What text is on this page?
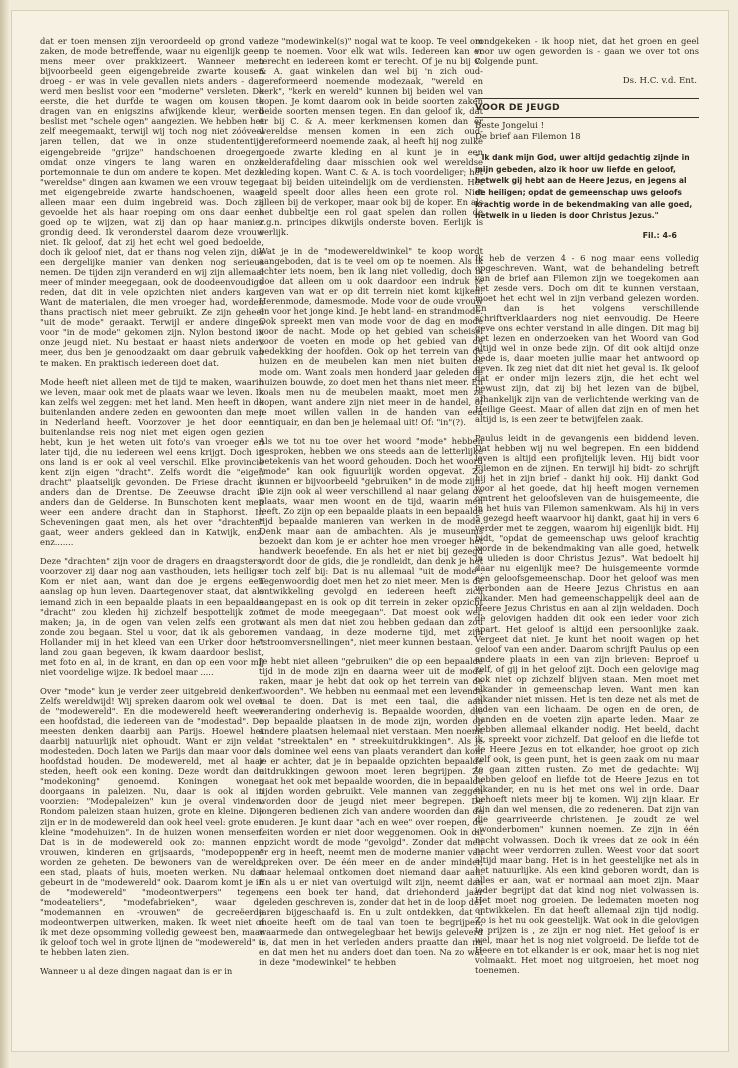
dat er toen mensen zijn veroordeeld op grond van zaken, de mode betreffende, waar nu eigenlijk geen mens meer over prakkizeert. Wanneer men bijvoorbeeld geen eigengebreide zwarte kousen droeg - er was in vele gevallen niets anders - dan werd men beslist voor een "moderne" versleten. De eerste, die het durfde te wagen om kousen te dragen van en enigszins afwijkende kleur, werd beslist met "schele ogen" aangezien. We hebben het zelf meegemaakt, terwijl wij toch nog niet zóóveel jaren tellen, dat we in onze studententijd eigengebreide "grijze" handschoenen droegen, omdat onze vingers te lang waren en onze portemonnaie te dun om andere te kopen. Met deze "wereldse" dingen aan kwamen we een vrouw tegen met eigengebreide zwarte handschoenen, waar alleen maar een duim ingebreid was. Doch zij gevoelde het als haar roeping om ons daar eens goed op te wijzen, wat zij dan op haar manier grondig deed. Ik veronderstel daarom deze vrouw niet. Ik geloof, dat zij het echt wel goed bedoelde, doch ik geloof niet, dat er thans nog velen zijn, die een dergelijke manier van denken nog serieus nemen. De tijden zijn veranderd en wij zijn allemaal meer of minder meegegaan, ook de doodeenvoudige reden, dat dit in vele opzichten niet anders kan. Want de materialen, die men vroeger had, worden thans practisch niet meer gebruikt. Ze zijn geheel "uit de mode" geraakt. Terwijl er andere dingen voor "in de mode" gekomen zijn. Nylon bestond in onze jeugd niet. Nu bestaat er haast niets anders meer, dus ben je genoodzaakt om daar gebruik van te maken. En praktisch iedereen doet dat.

Mode heeft niet alleen met de tijd te maken, waarin we leven, maar ook met de plaats waar we leven. Ik kan zelfs wel zeggen: met het land. Men heeft in de buitenlanden andere zeden en gewoonten dan men in Nederland heeft. Voorzover je het door een buitenlandse reis nog niet met eigen ogen gezien hebt, kun je het weten uit foto's van vroeger en later tijd, die nu iedereen wel eens krijgt. Doch in ons land is er ook al veel verschil. Elke provincie kent zijn eigen "dracht". Zelfs wordt die "eigen dracht" plaatselijk gevonden. De Friese dracht is anders dan de Drentse. De Zeeuwse dracht is anders dan de Gelderse. In Bunschoten kent men weer een andere dracht dan in Staphorst. In Scheveningen gaat men, als het over "drachten" gaat, weer anders gekleed dan in Katwijk, enz. enz.......

Deze "drachten" zijn voor de dragers en draagsters, voorzover zij daar nog aan vasthouden, iets heiligs. Kom er niet aan, want dan doe je ergens een aanslag op hun leven. Daartegenover staat, dat als iemand zich in een bepaalde plaats in een bepaalde "dracht" zou kleden hij zichzelf bespottelijk zou maken; ja, in de ogen van velen zelfs een grote zonde zou begaan. Stel u voor, dat ik als geboren Hollander mij in het kleed van een Urker door het land zou gaan begeven, ik kwam daardoor beslist, met foto en al, in de krant, en dan op een voor mij niet voordelige wijze. Ik bedoel maar .....

Over "mode" kun je verder zeer uitgebreid denken. Zelfs wereldwijd! Wij spreken daarom ook wel over de "modewereld". En die modewereld heeft weer een hoofdstad, die iedereen van de "modestad". De meesten denken daarbij aan Parijs. Hoewel het daarbij natuurlijk niet ophoudt. Want er zijn vele modesteden. Doch laten we Parijs dan maar voor de hoofdstad houden. De modewereld, met al haar steden, heeft ook een koning. Deze wordt dan de "modekoning" genoemd. Koningen wonen doorgaans in paleizen. Nu, daar is ook al in voorzien: "Modepaleizen" kun je overal vinden. Rondom paleizen staan huizen, grote en kleine. Die zijn er in de modewereld dan ook heel veel: grote en kleine "modehuizen". In de huizen wonen mensen. Dat is in de modewereld ook zo: mannen en vrouwen, kinderen en grijsaards, "modepoppen" worden ze geheten. De bewoners van de wereld, een stad, plaats of huis, moeten werken. Nu dat gebeurt in de "modewereld" ook. Daarom komt je in de "modewereld" "modeontwerpers" tegen, "modeateliers", "modefabrieken", waar de "modemannen en -vrouwen" de gecreëerde modeontwerpen uitwerken, maken. Ik weet niet of ik met deze opsomming volledig geweest ben, maar ik geloof toch wel in grote lijnen de "modewereld" u te hebben laten zien.

Wanneer u al deze dingen nagaat dan is er in

deze "modewinkel(s)" nogal wat te koop. Te veel om op te noemen. Voor elk wat wils. Iedereen kan er terecht en iedereen komt er terecht. Of je nu bij C. & A. gaat winkelen dan wel bij 'n zich oud-gereformeerd noemende modezaak, "wereld en kerk", "kerk en wereld" kunnen bij beiden wel van kopen. Je komt daarom ook in beide soorten zaken beide soorten mensen tegen. En dan geloof ik, dat er bij C. & A. meer kerkmensen komen dan er wereldse mensen komen in een zich oud-gereformeerd noemende zaak, al heeft hij nog zulke goede zwarte kleding en al kunt je in een kelderafdeling daar misschien ook wel wereldse kleding kopen. Want C. & A. is toch voordeliger; het gaat bij beiden uiteindelijk om de verdiensten. Het geld speelt door alles heen een grote rol. Niet alleen bij de verkoper, maar ook bij de koper. En als het dubbeltje een rol gaat spelen dan rollen de z.g.n. principes dikwijls onderste boven. Eerlijk is eerlijk.

Wat je in de "modewereldwinkel" te koop wordt aangeboden, dat is te veel om op te noemen. Als ik echter iets noem, ben ik lang niet volledig, doch ik doe dat alleen om u ook daardoor een indruk te geven van wat er op dit terrein niet komt kijken: Herenmode, damesmode. Mode voor de oude vrouw en voor het jonge kind. Je hebt land- en strandmode. Ook spreekt men van mode voor de dag en mode voor de nacht. Mode op het gebied van scheisel voor de voeten en mode op het gebied van de bedekking der hoofden. Ook op het terrein van de huizen en de meubelen kan men niet buiten de mode om. Want zoals men honderd jaar geleden de huizen bouwde, zo doet men het thans niet meer. En zoals men nu de meubelen maakt, moet men ze kopen, want andere zijn niet meer in de handel, of je moet willen vallen in de handen van een antiquair, en dan ben je helemaal uit! Of: "in"(?).

Als we tot nu toe over het woord "mode" hebben gesproken, hebben we ons steeds aan de letterlijke betekenis van het woord gehouden. Doch het woord "mode" kan ook figuurlijk worden opgevat. Zo kunnen er bijvoorbeeld "gebruiken" in de mode zijn. Die zijn ook al weer verschillend al naar gelang de plaats, waar men woont en de tijd, waarin men leeft. Zo zijn op een bepaalde plaats in een bepaalde tijd bepaalde manieren van werken in de mode. Denk maar aan de ambachten. Als je museums bezoekt dan kom je er achter hoe men vroeger het handwerk beoefende. En als het er niet bij gezegd wordt door de gids, die je rondleidt, dan denk je het er toch zelf bij: Dat is nu allemaal "uit de mode". Tegenwoordig doet men het zo niet meer. Men is de ontwikkeling gevolgd en iedereen heeft zich aangepast en is ook op dit terrein in zeker opzicht "met de mode meegegaan". Dat moest ook wel, want als men dat niet zou hebben gedaan dan zou men vandaag, in deze moderne tijd, met zijn "stroomversnellingen", niet meer kunnen bestaan.

Je hebt niet alleen "gebruiken" die op een bepaalde tijd in de mode zijn en daarna weer uit de mode raken, maar je hebt dat ook op het terrein van de "woorden". We hebben nu eenmaal met een levende taal te doen. Dat is met een taal, die aan verandering onderhevig is. Bepaalde woorden, die op bepaalde plaatsen in de mode zijn, worden op andere plaatsen helemaal niet verstaan. Men noemt dat "streektalen" en " streekuitdrukkingen". Als je als dominee wel eens van plaats verandert dan kom je er achter, dat je in bepaalde opzichten bepaalde uitdrukkingen gewoon moet leren begrijpen. Zo gaat het ook met bepaalde woorden, die in bepaalde tijden worden gebruikt. Vele mannen van zeggen worden door de jeugd niet meer begrepen. De jongeren bedienen zich van andere woorden dan de ouderen. Je kunt daar "ach en wee" over roepen, de feiten worden er niet door weggenomen. Ook in dit opzicht wordt de mode "gevolgd". Zonder dat men er erg in heeft, neemt men de moderne manier van spreken over. De één meer en de ander minder, maar helemaal ontkomen doet niemand daar aan. En als u er niet van overtuigd wilt zijn, neemt dan eens een boek ter hand, dat driehonderd jaar geleden geschreven is, zonder dat het in de loop der jaren bijgeschaafd is. En u zult ontdekken, dat u moeite heeft om de taal van toen te begrijpen, waarmede dan ontwegelegbaar het bewijs geleverd is, dat men in het verleden anders praatte dan nu en dat men het nu anders doet dan toen. Na zo wat in deze "modewinkel" te hebben

rondgekeken - ik hoop niet, dat het groen en geel voor uw ogen geworden is - gaan we over tot ons volgende punt.

Ds. H.C. v.d. Ent.
VOOR DE JEUGD
Beste Jongelui !
De brief aan Filemon 18

" Ik dank mijn God, uwer altijd gedachtig zijnde in mijn gebeden, alzo ik hoor uw liefde en geloof, hetwelk gij hebt aan de Heere Jezus, en jegens al de heiligen; opdat de gemeenschap uws geloofs krachtig worde in de bekendmaking van alle goed, hetwelk in u lieden is door Christus Jezus."

Fil.: 4-6

Ik heb de verzen 4 - 6 nog maar eens volledig opgeschreven. Want, wat de behandeling betreft van de brief aan Filemon zijn we toegekomen aan het zesde vers. Doch om dit te kunnen verstaan, moet het echt wel in zijn verband gelezen worden. En dan is het volgens verschillende schriftverklaarders nog niet eenvoudig. De Heere geve ons echter verstand in alle dingen. Dit mag bij het lezen en onderzoeken van het Woord van God altijd wel in onze bede zijn. Of dit ook altijd onze bede is, daar moeten jullie maar het antwoord op geven. Ik zeg niet dat dit niet het geval is. Ik geloof dat er onder mijn lezers zijn, die het echt wel bewust zijn, dat zij bij het lezen van de bijbel, afhankelijk zijn van de verlichtende werking van de Heilige Geest. Maar of allen dat zijn en of men het altijd is, is een zeer te betwijfelen zaak.

Paulus leidt in de gevangenis een biddend leven. Dat hebben wij nu wel begrepen. En een biddend leven is altijd een profijtelijk leven. Hij bidt voor Filemon en de zijnen. En terwijl hij bidt- zo schrijft hij het in zijn brief - dankt hij ook. Hij dankt God voor al het goede, dat hij heeft mogen vernemen omtrent het geloofsleven van de huisgemeente, die in het huis van Filemon samenkwam. Als hij in vers 5 gezegd heeft waarvoor hij dankt, gaat hij in vers 6 verder met te zeggen, waarom hij eigenlijk bidt. Hij bidt, "opdat de gemeenschap uws geloof krachtig worde in de bekendmaking van alle goed, hetwelk in ulieden is door Christus Jezus". Wat bedoelt hij daar nu eigenlijk mee? De huisgemeente vormde een geloofsgemeenschap. Door het geloof was men verbonden aan de Heere Jezus Christus en aan elkander. Men had gemeenschappelijk deel aan de Heere Jezus Christus en aan al zijn weldaden. Doch de gelovigen hadden dit ook een ieder voor zich apart. Het geloof is altijd een persoonlijke zaak. Vergeet dat niet. Je kunt het nooit wagen op het geloof van een ander. Daarom schrijft Paulus op een andere plaats in een van zijn brieven: Beproef u zelf, of gij in het geloof zijt. Doch een gelovige mag ook niet op zichzelf blijven staan. Men moet met elkander in gemeenschap leven. Want men kan elkander niet missen. Het is ten deze net als met de leden van een lichaam. De ogen en de oren, de handen en de voeten zijn aparte leden. Maar ze hebben allemaal elkander nodig. Het beeld, dacht ik, spreekt voor zichzelf. Dat geloof en die liefde tot de Heere Jezus en tot elkander, hoe groot op zich zelf ook, is geen punt, het is geen zaak om nu maar te gaan zitten rusten. Zo met de gedachte: Wij hebben geloof en liefde tot de Heere Jezus en tot elkander, en nu is het met ons wel in orde. Daar behoeft niets meer bij te komen. Wij zijn klaar. Er zijn dan wel mensen, die zo redeneren. Dat zijn van die gearriveerde christenen. Je zoudt ze wel „wonderbomen" kunnen noemen. Ze zijn in één nacht volwassen. Doch ik vrees dat ze ook in één nacht weer verdorren zullen. Weest voor dat soort altijd maar bang. Het is in het geestelijke net als in het natuurlijke. Als een kind geboren wordt, dan is alles er aan, wat er normaal aan moet zijn. Maar ieder begrijpt dat dat kind nog niet volwassen is. Het moet nog groeien. De ledematen moeten nog ontwikkelen. En dat heeft allemaal zijn tijd nodig. Zo is het nu ook geestelijk. Wat ook in die gelovigen te prijzen is , ze zijn er nog niet. Het geloof is er wel, maar het is nog niet volgroeid. De liefde tot de Heere en tot elkander is er ook, maar het is nog niet volmaakt. Het moet nog uitgroeien, het moet nog toenemen.
